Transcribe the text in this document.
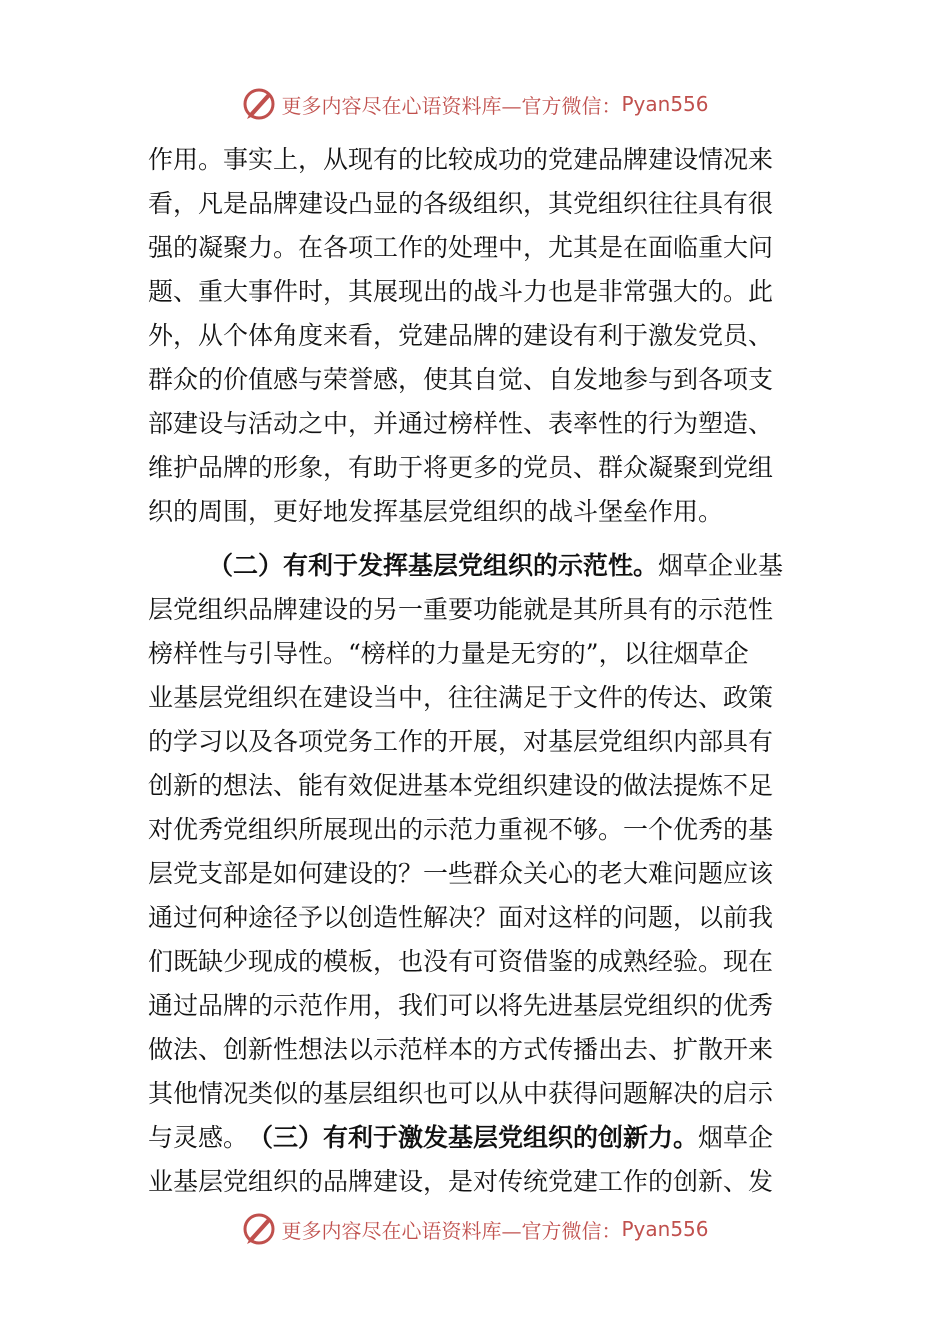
更多内容尽在心语资料库—官方微信： Pyan556
作用。事实上，从现有的比较成功的党建品牌建设情况来
看，凡是品牌建设凸显的各级组织，其党组织往往具有很
强的凝聚力。在各项工作的处理中，尤其是在面临重大问
题、重大事件时，其展现出的战斗力也是非常强大的。此
外，从个体角度来看，党建品牌的建设有利于激发党员、
群众的价值感与荣誉感，使其自觉、自发地参与到各项支
部建设与活动之中，并通过榜样性、表率性的行为塑造、
维护品牌的形象，有助于将更多的党员、群众凝聚到党组
织的周围，更好地发挥基层党组织的战斗堡垒作用。
（二）有利于发挥基层党组织的示范性。 烟草企业基
层党组织品牌建设的另一重要功能就是其所具有的示范性
榜样性与引导性。“榜样的力量是无穷的”，以往烟草企
业基层党组织在建设当中，往往满足于文件的传达、政策
的学习以及各项党务工作的开展，对基层党组织内部具有
创新的想法、能有效促进基本党组织建设的做法提炼不足
对优秀党组织所展现出的示范力重视不够。一个优秀的基
层党支部是如何建设的？一些群众关心的老大难问题应该
通过何种途径予以创造性解决？面对这样的问题，以前我
们既缺少现成的模板，也没有可资借鉴的成熟经验。现在
通过品牌的示范作用，我们可以将先进基层党组织的优秀
做法、创新性想法以示范样本的方式传播出去、扩散开来
其他情况类似的基层组织也可以从中获得问题解决的启示
与灵感。 （三）有利于激发基层党组织的创新力。 烟草企
业基层党组织的品牌建设，是对传统党建工作的创新、发
更多内容尽在心语资料库—官方微信： Pyan556
